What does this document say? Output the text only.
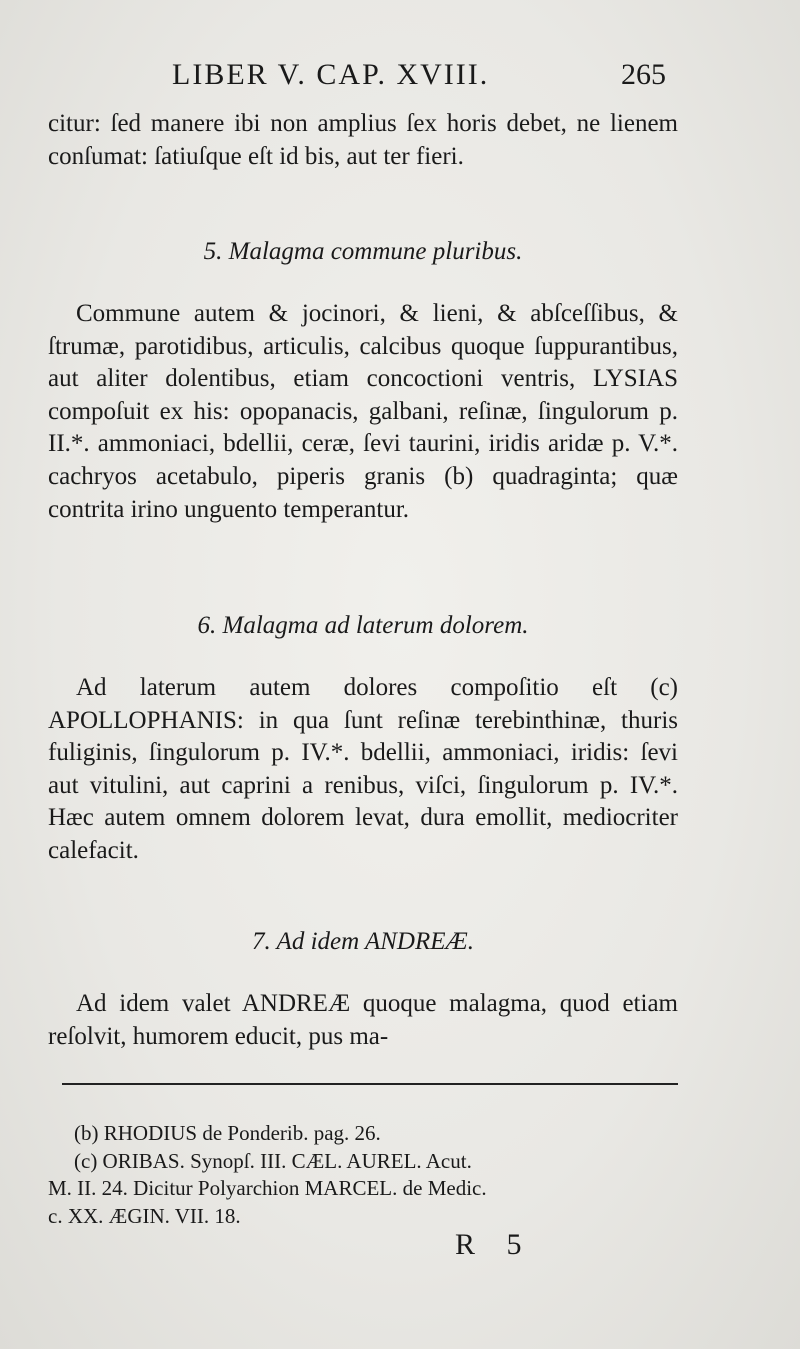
LIBER V. CAP. XVIII.	265

citur: ſed manere ibi non amplius ſex horis debet, ne lienem conſumat: ſatiuſque eſt id bis, aut ter fieri.

5. Malagma commune pluribus.

Commune autem & jocinori, & lieni, & abſceſſibus, & ſtrumæ, parotidibus, articulis, calcibus quoque ſuppurantibus, aut aliter dolentibus, etiam concoctioni ventris, LYSIAS compoſuit ex his: opopanacis, galbani, reſinæ, ſingulorum p. II.*. ammoniaci, bdellii, ceræ, ſevi taurini, iridis aridæ p. V.*. cachryos acetabulo, piperis granis (b) quadraginta; quæ contrita irino unguento temperantur.

6. Malagma ad laterum dolorem.

Ad laterum autem dolores compoſitio eſt (c) APOLLOPHANIS: in qua ſunt reſinæ terebinthinæ, thuris fuliginis, ſingulorum p. IV.*. bdellii, ammoniaci, iridis: ſevi aut vitulini, aut caprini a renibus, viſci, ſingulorum p. IV.*. Hæc autem omnem dolorem levat, dura emollit, mediocriter calefacit.

7. Ad idem ANDREÆ.

Ad idem valet ANDREÆ quoque malagma, quod etiam reſolvit, humorem educit, pus ma-

(b) RHODIUS de Ponderib. pag. 26.

(c) ORIBAS. Synopſ. III. CÆL. AUREL. Acut.

M. II. 24. Dicitur Polyarchion MARCEL. de Medic.

c. XX. ÆGIN. VII. 18.

R 5
